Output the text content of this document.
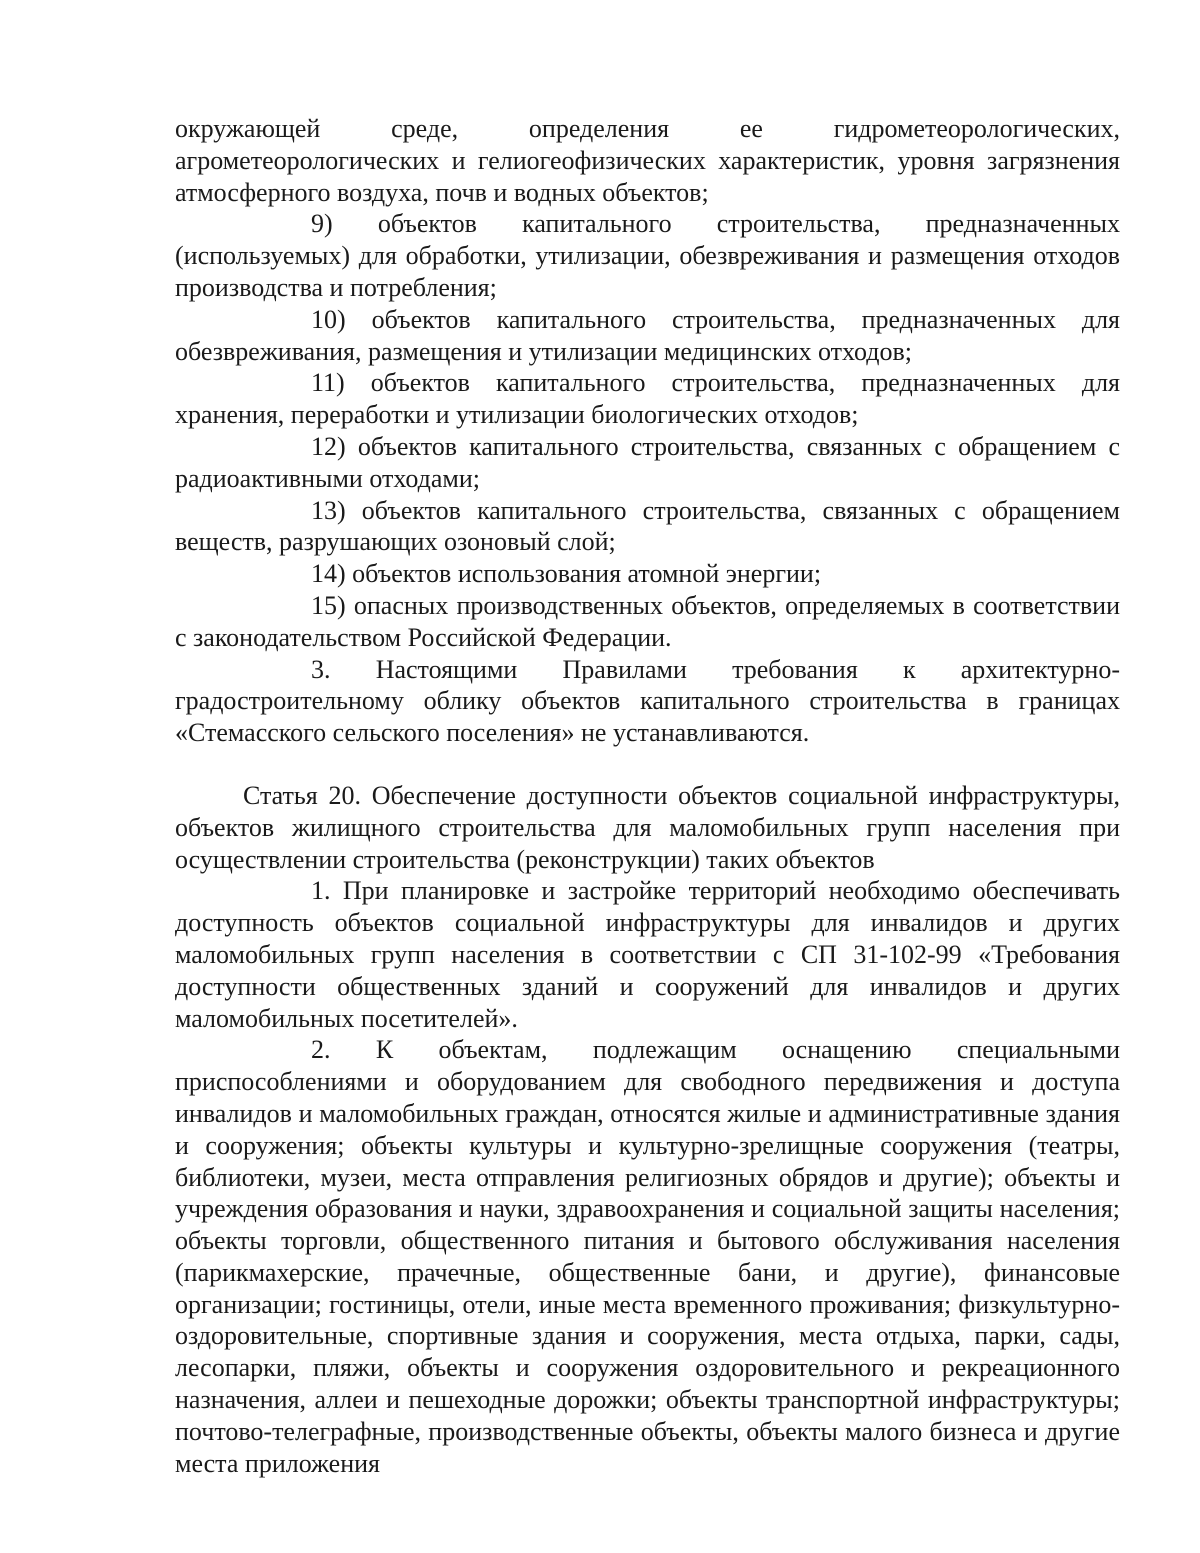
окружающей среде, определения ее гидрометеорологических, агрометеорологических и гелиогеофизических характеристик, уровня загрязнения атмосферного воздуха, почв и водных объектов;

9) объектов капитального строительства, предназначенных (используемых) для обработки, утилизации, обезвреживания и размещения отходов производства и потребления;

10) объектов капитального строительства, предназначенных для обезвреживания, размещения и утилизации медицинских отходов;

11) объектов капитального строительства, предназначенных для хранения, переработки и утилизации биологических отходов;

12) объектов капитального строительства, связанных с обращением с радиоактивными отходами;

13) объектов капитального строительства, связанных с обращением веществ, разрушающих озоновый слой;

14) объектов использования атомной энергии;

15) опасных производственных объектов, определяемых в соответствии с законодательством Российской Федерации.

3. Настоящими Правилами требования к архитектурно-градостроительному облику объектов капитального строительства в границах «Стемасского сельского поселения» не устанавливаются.

Статья 20. Обеспечение доступности объектов социальной инфраструктуры, объектов жилищного строительства для маломобильных групп населения при осуществлении строительства (реконструкции) таких объектов

1. При планировке и застройке территорий необходимо обеспечивать доступность объектов социальной инфраструктуры для инвалидов и других маломобильных групп населения в соответствии с СП 31-102-99 «Требования доступности общественных зданий и сооружений для инвалидов и других маломобильных посетителей».

2. К объектам, подлежащим оснащению специальными приспособлениями и оборудованием для свободного передвижения и доступа инвалидов и маломобильных граждан, относятся жилые и административные здания и сооружения; объекты культуры и культурно-зрелищные сооружения (театры, библиотеки, музеи, места отправления религиозных обрядов и другие); объекты и учреждения образования и науки, здравоохранения и социальной защиты населения; объекты торговли, общественного питания и бытового обслуживания населения (парикмахерские, прачечные, общественные бани, и другие), финансовые организации; гостиницы, отели, иные места временного проживания; физкультурно-оздоровительные, спортивные здания и сооружения, места отдыха, парки, сады, лесопарки, пляжи, объекты и сооружения оздоровительного и рекреационного назначения, аллеи и пешеходные дорожки; объекты транспортной инфраструктуры; почтово-телеграфные, производственные объекты, объекты малого бизнеса и другие места приложения
